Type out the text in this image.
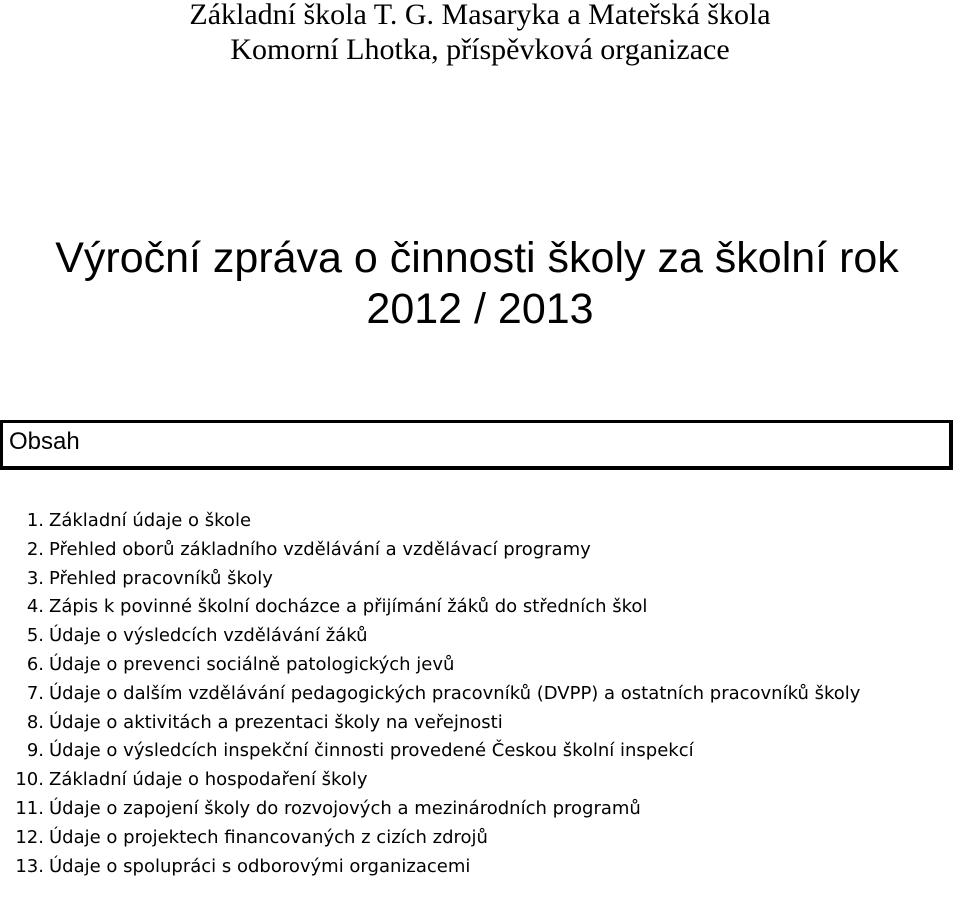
Základní škola T. G. Masaryka a Mateřská škola
Komorní Lhotka, příspěvková organizace
Výroční zpráva o činnosti školy za školní rok
2012 / 2013
Obsah
1. Základní údaje o škole
2. Přehled oborů základního vzdělávání a vzdělávací programy
3. Přehled pracovníků školy
4. Zápis k povinné školní docházce a přijímání žáků do středních škol
5. Údaje o výsledcích vzdělávání žáků
6. Údaje o prevenci sociálně patologických jevů
7. Údaje o dalším vzdělávání pedagogických pracovníků (DVPP) a ostatních pracovníků školy
8. Údaje o aktivitách a prezentaci školy na veřejnosti
9. Údaje o výsledcích inspekční činnosti provedené Českou školní inspekcí
10. Základní údaje o hospodaření školy
11. Údaje o zapojení školy do rozvojových a mezinárodních programů
12. Údaje o projektech financovaných z cizích zdrojů
13. Údaje o spolupráci s odborovými organizacemi
